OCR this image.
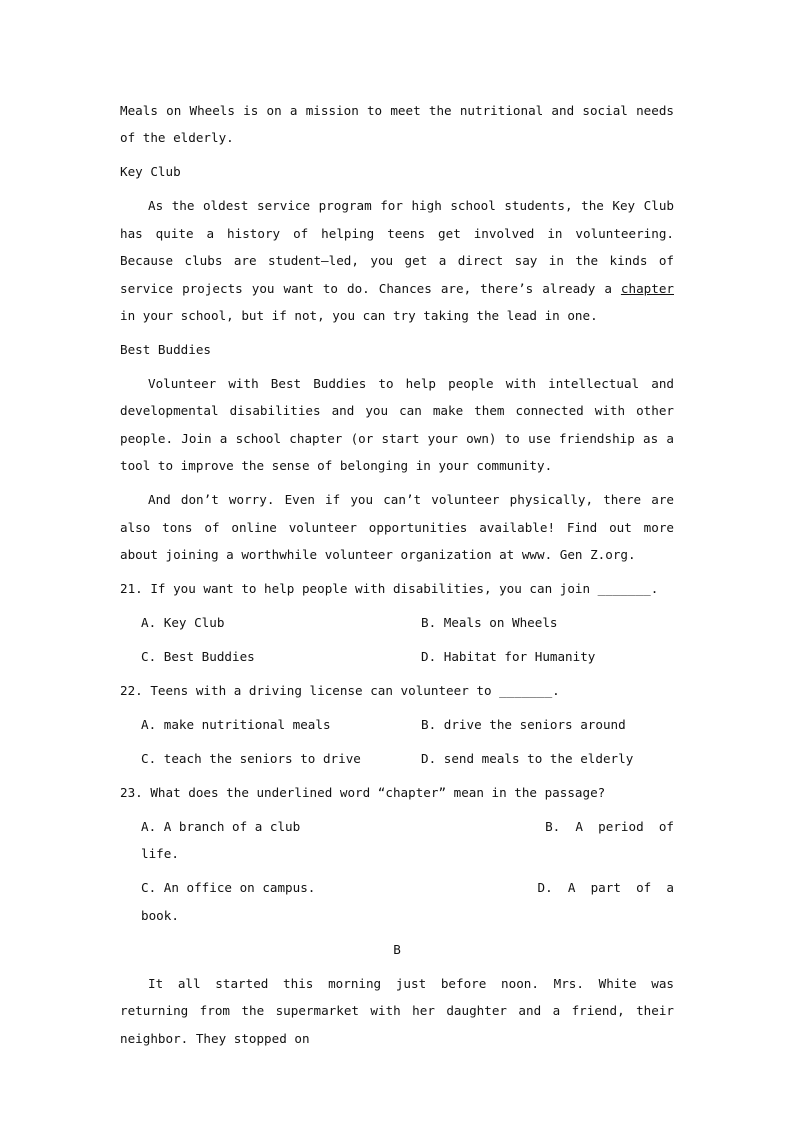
Meals on Wheels is on a mission to meet the nutritional and social needs of the elderly.

Key Club

As the oldest service program for high school students, the Key Club has quite a history of helping teens get involved in volunteering. Because clubs are student—led, you get a direct say in the kinds of service projects you want to do. Chances are, there’s already a chapter in your school, but if not, you can try taking the lead in one.

Best Buddies

Volunteer with Best Buddies to help people with intellectual and developmental disabilities and you can make them connected with other people. Join a school chapter (or start your own) to use friendship as a tool to improve the sense of belonging in your community.

And don’t worry. Even if you can’t volunteer physically, there are also tons of online volunteer opportunities available! Find out more about joining a worthwhile volunteer organization at www. Gen Z.org.

21. If you want to help people with disabilities, you can join _______.

A. Key Club	B. Meals on Wheels
C. Best Buddies	D. Habitat for Humanity

22. Teens with a driving license can volunteer to _______.

A. make nutritional meals	B. drive the seniors around
C. teach the seniors to drive	D. send meals to the elderly

23. What does the underlined word “chapter” mean in the passage?

A. A branch of a club	B.  A  period  of

life.

C. An office on campus.	D.  A  part  of  a

book.

B

It all started this morning just before noon. Mrs. White was returning from the supermarket with her daughter and a friend, their neighbor. They stopped on
